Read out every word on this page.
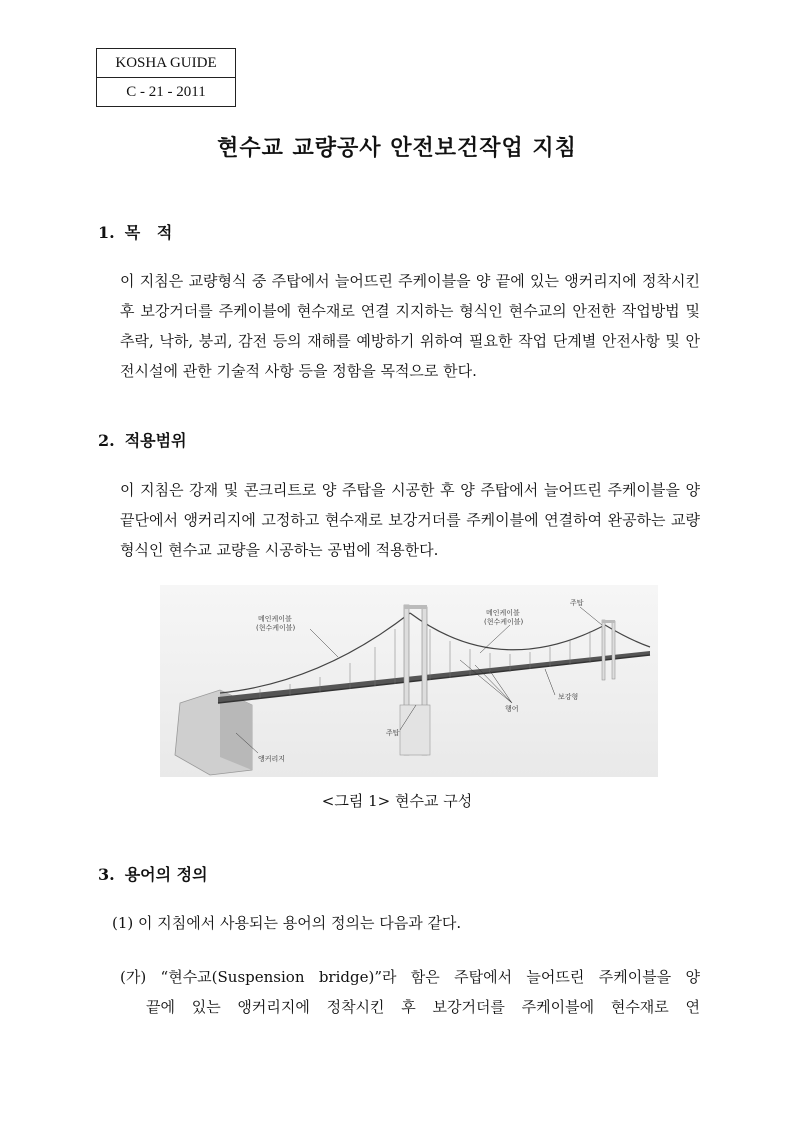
KOSHA GUIDE
C - 21 - 2011
현수교 교량공사 안전보건작업 지침
1. 목   적
이 지침은 교량형식 중 주탑에서 늘어뜨린 주케이블을 양 끝에 있는 앵커리지에 정착시킨 후 보강거더를 주케이블에 현수재로 연결 지지하는 형식인 현수교의 안전한 작업방법 및 추락, 낙하, 붕괴, 감전 등의 재해를 예방하기 위하여 필요한 작업 단계별 안전사항 및 안전시설에 관한 기술적 사항 등을 정함을 목적으로 한다.
2. 적용범위
이 지침은 강재 및 콘크리트로 양 주탑을 시공한 후 양 주탑에서 늘어뜨린 주케이블을 양 끝단에서 앵커리지에 고정하고 현수재로 보강거더를 주케이블에 연결하여 완공하는 교량 형식인 현수교 교량을 시공하는 공법에 적용한다.
메인케이블
(현수케이블)
메인케이블
(현수케이블)
주탑
주탑
행어
보강형
앵커리지
<그림 1> 현수교 구성
3. 용어의 정의
(1) 이 지침에서 사용되는 용어의 정의는 다음과 같다.
(가) “현수교(Suspension bridge)”라 함은 주탑에서 늘어뜨린 주케이블을 양
끝에 있는 앵커리지에 정착시킨 후 보강거더를 주케이블에 현수재로 연
